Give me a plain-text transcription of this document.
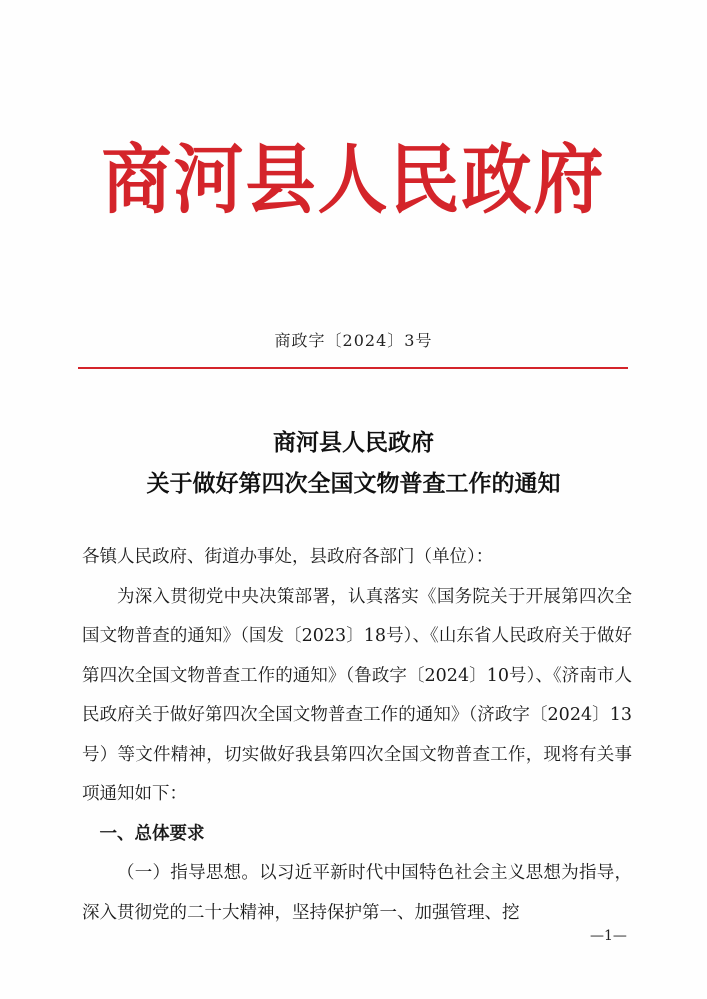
商河县人民政府
商政字〔2024〕3号
商河县人民政府
关于做好第四次全国文物普查工作的通知

各镇人民政府、街道办事处，县政府各部门（单位）：

为深入贯彻党中央决策部署，认真落实《国务院关于开展第四次全国文物普查的通知》（国发〔2023〕18号）、《山东省人民政府关于做好第四次全国文物普查工作的通知》（鲁政字〔2024〕10号）、《济南市人民政府关于做好第四次全国文物普查工作的通知》（济政字〔2024〕13号）等文件精神，切实做好我县第四次全国文物普查工作，现将有关事项通知如下：

一、总体要求

（一）指导思想。以习近平新时代中国特色社会主义思想为指导，深入贯彻党的二十大精神，坚持保护第一、加强管理、挖

—1—
